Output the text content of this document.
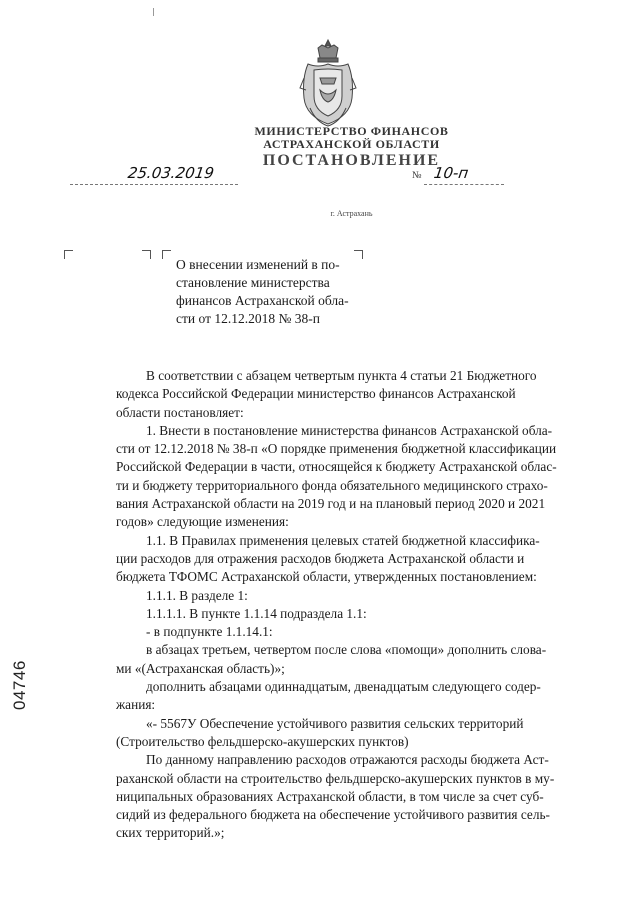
МИНИСТЕРСТВО ФИНАНСОВ
АСТРАХАНСКОЙ ОБЛАСТИ
ПОСТАНОВЛЕНИЕ
25.03.2019	№ 10-п
г. Астрахань
О внесении изменений в по-
становление министерства
финансов Астраханской обла-
сти от 12.12.2018 № 38-п
В соответствии с абзацем четвертым пункта 4 статьи 21 Бюджетного
кодекса Российской Федерации министерство финансов Астраханской
области постановляет:
1. Внести в постановление министерства финансов Астраханской обла-
сти от 12.12.2018 № 38-п «О порядке применения бюджетной классификации
Российской Федерации в части, относящейся к бюджету Астраханской облас-
ти и бюджету территориального фонда обязательного медицинского страхо-
вания Астраханской области на 2019 год и на плановый период 2020 и 2021
годов» следующие изменения:
1.1. В Правилах применения целевых статей бюджетной классифика-
ции расходов для отражения расходов бюджета Астраханской области и
бюджета ТФОМС Астраханской области, утвержденных постановлением:
1.1.1. В разделе 1:
1.1.1.1. В пункте 1.1.14 подраздела 1.1:
- в подпункте 1.1.14.1:
в абзацах третьем, четвертом после слова «помощи» дополнить слова-
ми «(Астраханская область)»;
дополнить абзацами одиннадцатым, двенадцатым следующего содер-
жания:
«- 5567У Обеспечение устойчивого развития сельских территорий
(Строительство фельдшерско-акушерских пунктов)
По данному направлению расходов отражаются расходы бюджета Аст-
раханской области на строительство фельдшерско-акушерских пунктов в му-
ниципальных образованиях Астраханской области, в том числе за счет суб-
сидий из федерального бюджета на обеспечение устойчивого развития сель-
ских территорий.»;
04746
